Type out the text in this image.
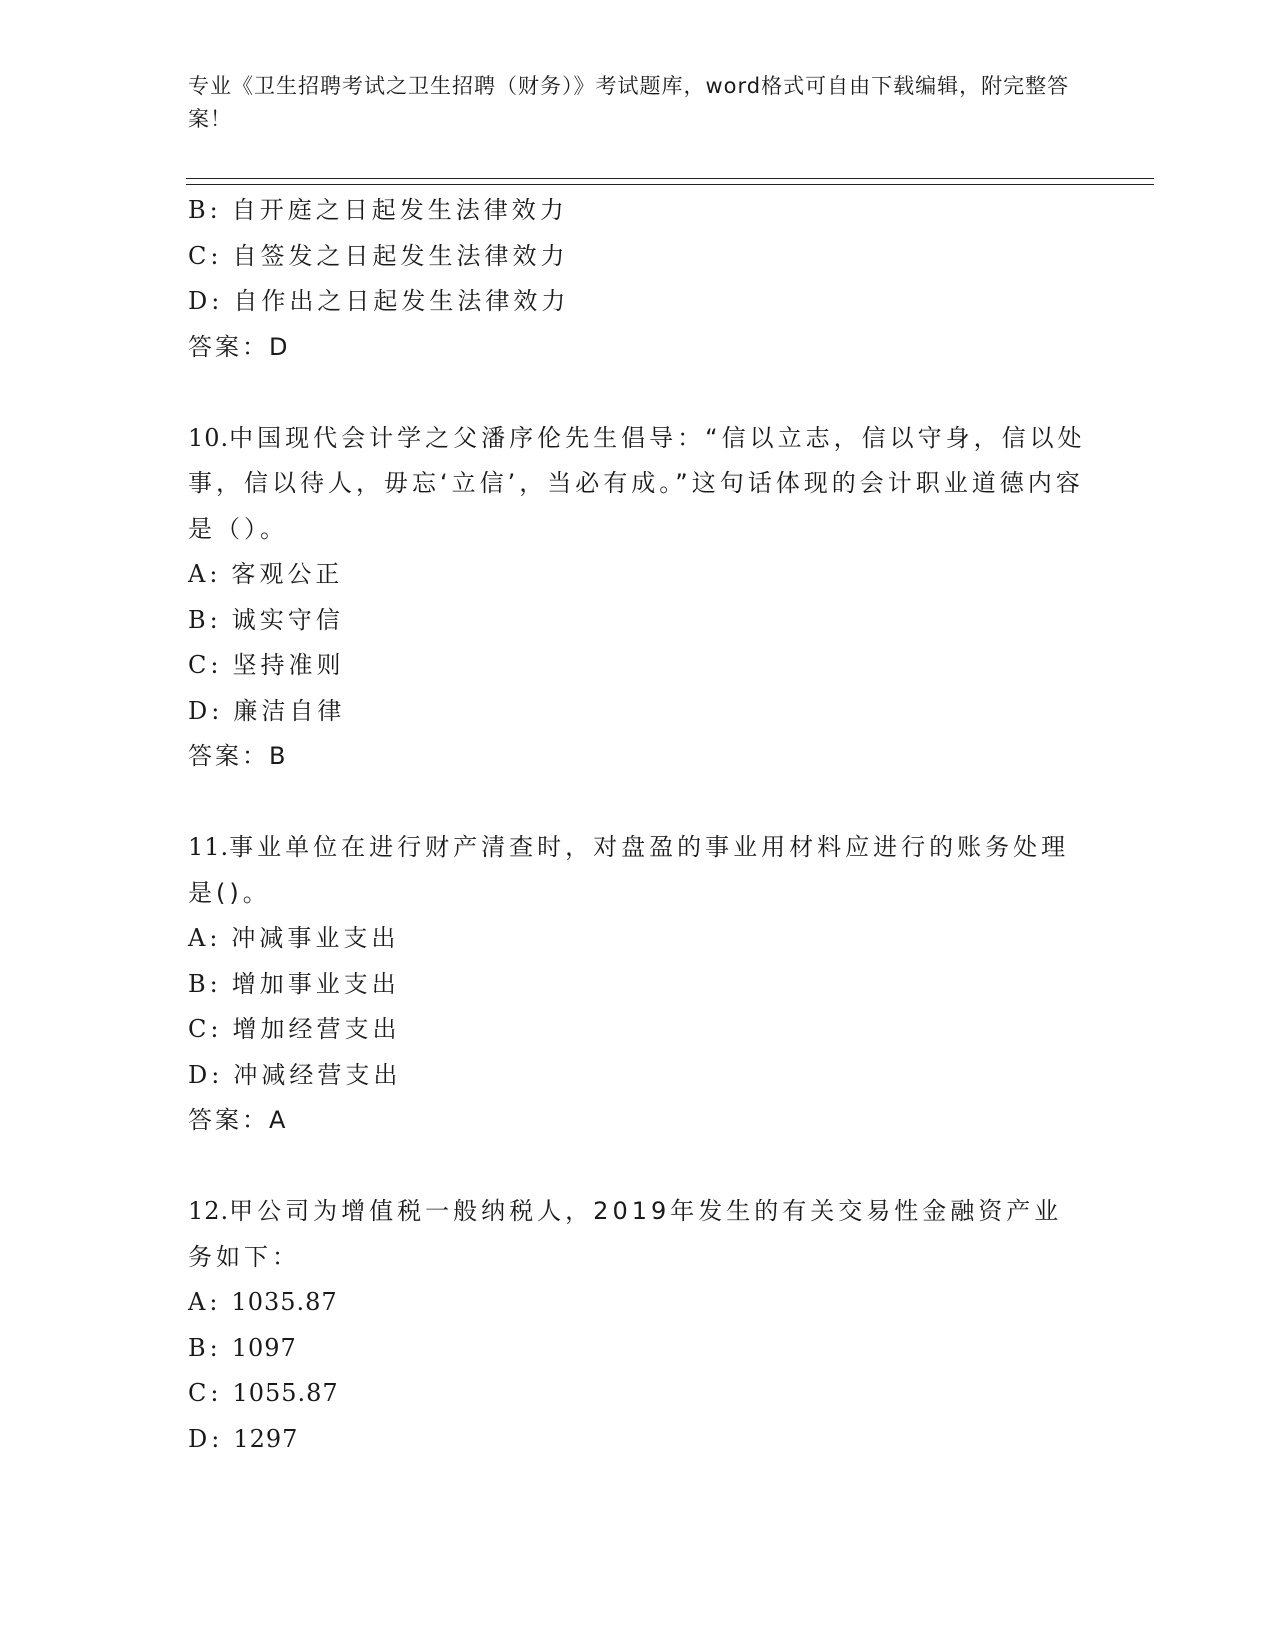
专业《卫生招聘考试之卫生招聘（财务）》考试题库，word格式可自由下载编辑，附完整答案！

B: 自开庭之日起发生法律效力
C: 自签发之日起发生法律效力
D: 自作出之日起发生法律效力

答案：D

10.中国现代会计学之父潘序伦先生倡导：“信以立志，信以守身，信以处事，信以待人，毋忘‘立信’，当必有成。”这句话体现的会计职业道德内容是（）。

A: 客观公正
B: 诚实守信
C: 坚持准则
D: 廉洁自律

答案：B

11.事业单位在进行财产清查时，对盘盈的事业用材料应进行的账务处理是()。

A: 冲减事业支出
B: 增加事业支出
C: 增加经营支出
D: 冲减经营支出

答案：A

12.甲公司为增值税一般纳税人，2019年发生的有关交易性金融资产业务如下：

A: 1035.87
B: 1097
C: 1055.87
D: 1297
